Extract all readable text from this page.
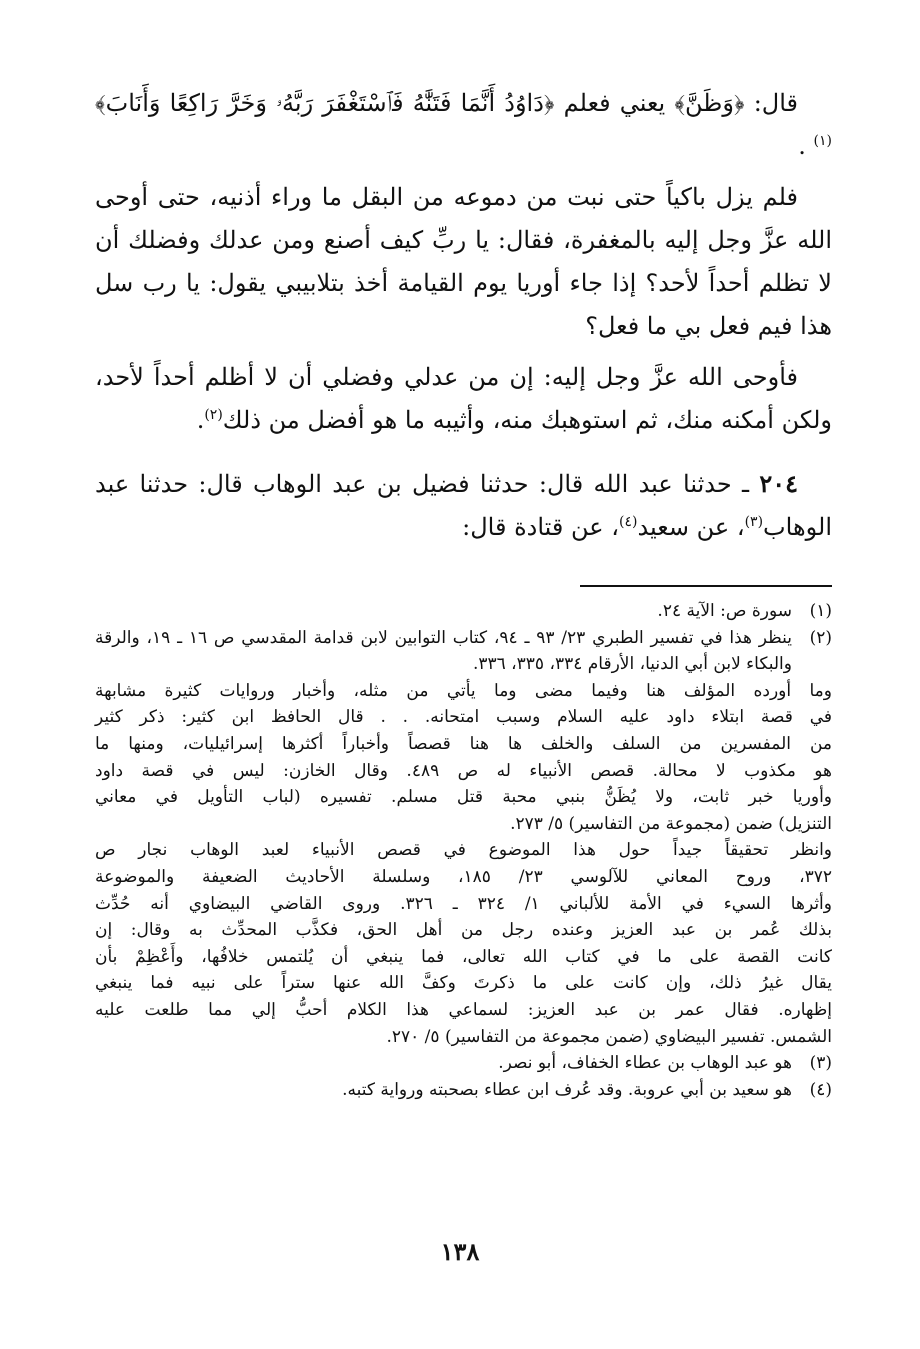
قال: ﴿وَظَنَّ﴾ يعني فعلم ﴿دَاوُدُ أَنَّمَا فَتَنَّٰهُ فَٱسْتَغْفَرَ رَبَّهُۥ وَخَرَّ رَاكِعًا وَأَنَابَ﴾ $^{(١)}$ .

فلم يزل باكياً حتى نبت من دموعه من البقل ما وراء أذنيه، حتى أوحى الله عزَّ وجل إليه بالمغفرة، فقال: يا ربِّ كيف أصنع ومن عدلك وفضلك أن لا تظلم أحداً لأحد؟ إذا جاء أوريا يوم القيامة أخذ بتلابيبي يقول: يا رب سل هذا فيم فعل بي ما فعل؟

فأوحى الله عزَّ وجل إليه: إن من عدلي وفضلي أن لا أظلم أحداً لأحد، ولكن أمكنه منك، ثم استوهبك منه، وأثيبه ما هو أفضل من ذلك$^{(٢)}$.

٢٠٤ ـ حدثنا عبد الله قال: حدثنا فضيل بن عبد الوهاب قال: حدثنا عبد الوهاب$^{(٣)}$، عن سعيد$^{(٤)}$، عن قتادة قال:

(١)

سورة ص: الآية ٢٤.

(٢)

ينظر هذا في تفسير الطبري ٢٣/ ٩٣ ـ ٩٤، كتاب التوابين لابن قدامة المقدسي ص ١٦ ـ ١٩، والرقة والبكاء لابن أبي الدنيا، الأرقام ٣٣٤، ٣٣٥، ٣٣٦.

وما أورده المؤلف هنا وفيما مضى وما يأتي من مثله، وأخبار وروايات كثيرة مشابهة
في قصة ابتلاء داود عليه السلام وسبب امتحانه. . . قال الحافظ ابن كثير: ذكر كثير
من المفسرين من السلف والخلف ها هنا قصصاً وأخباراً أكثرها إسرائيليات، ومنها ما
هو مكذوب لا محالة. قصص الأنبياء له ص ٤٨٩. وقال الخازن: ليس في قصة داود
وأوريا خبر ثابت، ولا يُظَنُّ بنبي محبة قتل مسلم. تفسيره (لباب التأويل في معاني
التنزيل) ضمن (مجموعة من التفاسير) ٥/ ٢٧٣.

وانظر تحقيقاً جيداً حول هذا الموضوع في قصص الأنبياء لعبد الوهاب نجار ص
٣٧٢، وروح المعاني للآلوسي ٢٣/ ١٨٥، وسلسلة الأحاديث الضعيفة والموضوعة
وأثرها السيء في الأمة للألباني ١/ ٣٢٤ ـ ٣٢٦. وروى القاضي البيضاوي أنه حُدِّث
بذلك عُمر بن عبد العزيز وعنده رجل من أهل الحق، فكذَّب المحدِّث به وقال: إن
كانت القصة على ما في كتاب الله تعالى، فما ينبغي أن يُلتمس خلافُها، وأَعْظِمْ بأن
يقال غيرُ ذلك، وإن كانت على ما ذكرتَ وكفَّ الله عنها ستراً على نبيه فما ينبغي
إظهاره. فقال عمر بن عبد العزيز: لسماعي هذا الكلام أحبُّ إلي مما طلعت عليه
الشمس. تفسير البيضاوي (ضمن مجموعة من التفاسير) ٥/ ٢٧٠.

(٣)

هو عبد الوهاب بن عطاء الخفاف، أبو نصر.

(٤)

هو سعيد بن أبي عروبة. وقد عُرف ابن عطاء بصحبته ورواية كتبه.

١٣٨
